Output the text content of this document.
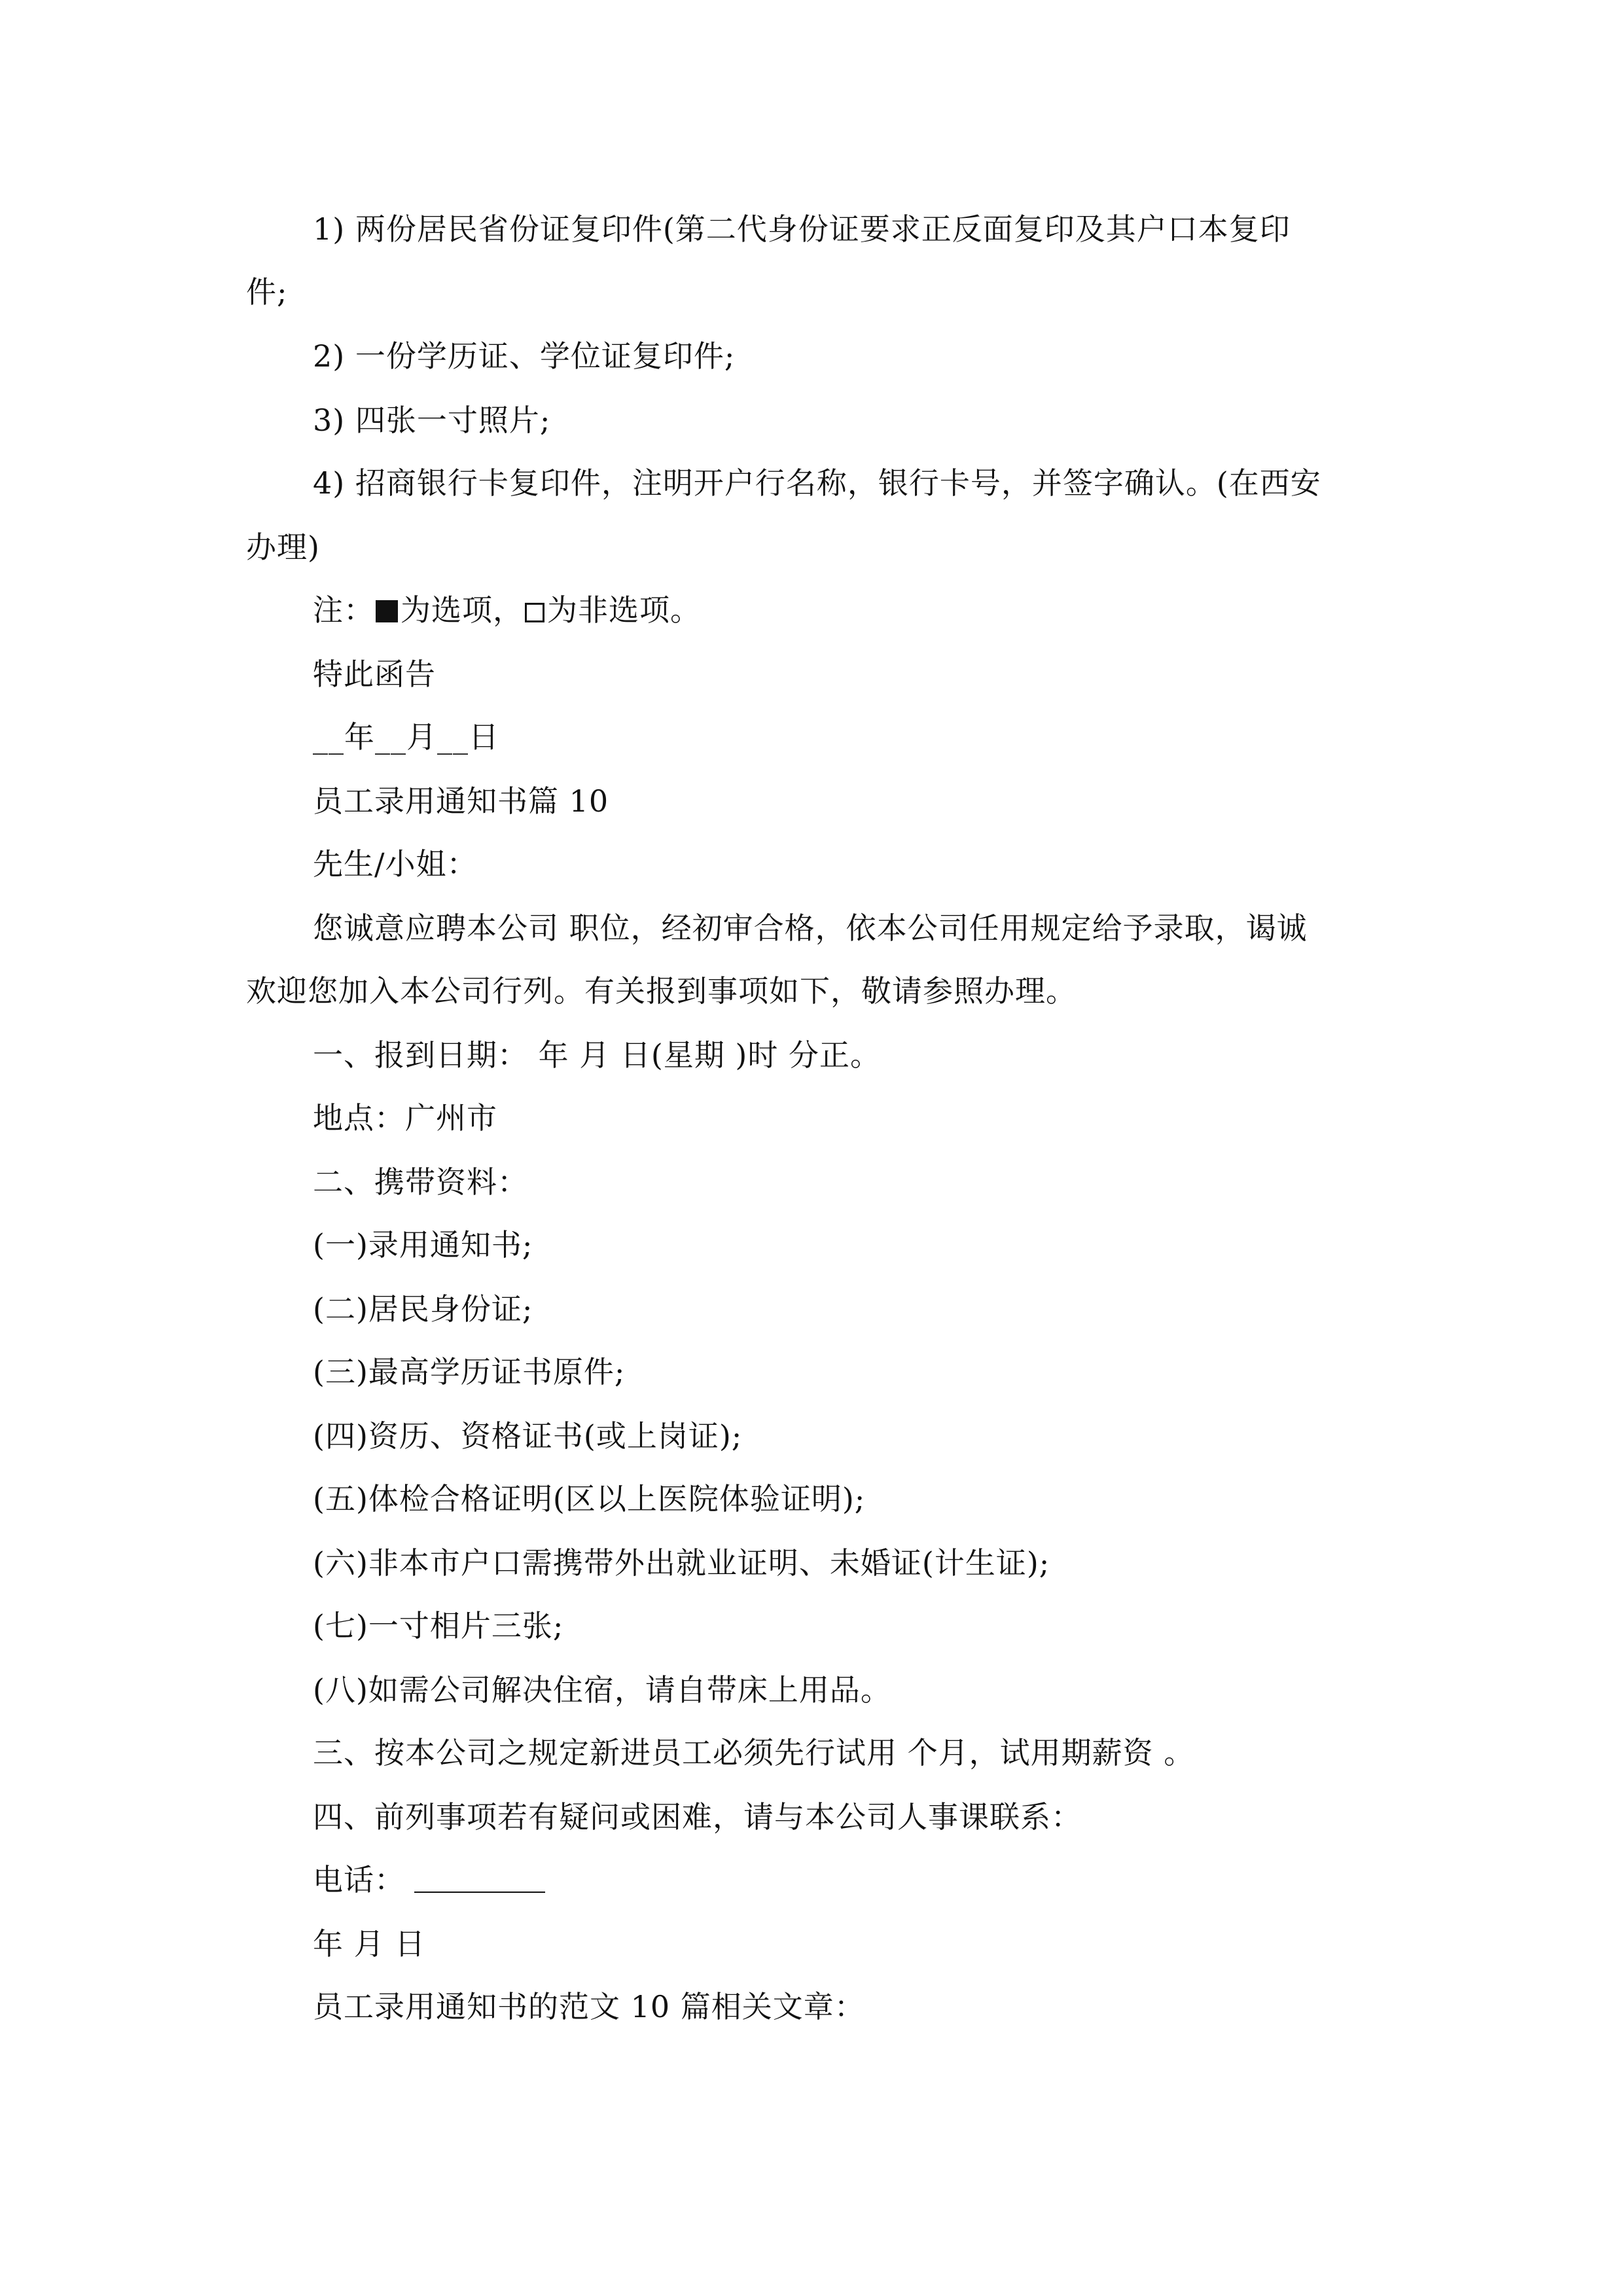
1) 两份居民省份证复印件(第二代身份证要求正反面复印及其户口本复印
件;
2) 一份学历证、学位证复印件;
3) 四张一寸照片;
4) 招商银行卡复印件，注明开户行名称，银行卡号，并签字确认。(在西安
办理)
注： 为选项， 为非选项。
特此函告
__年__月__日
员工录用通知书篇 10
先生/小姐：
您诚意应聘本公司 职位，经初审合格，依本公司任用规定给予录取，谒诚
欢迎您加入本公司行列。有关报到事项如下，敬请参照办理。
一、报到日期： 年 月 日(星期 )时 分正。
地点：广州市
二、携带资料：
(一)录用通知书;
(二)居民身份证;
(三)最高学历证书原件;
(四)资历、资格证书(或上岗证);
(五)体检合格证明(区以上医院体验证明);
(六)非本市户口需携带外出就业证明、未婚证(计生证);
(七)一寸相片三张;
(八)如需公司解决住宿，请自带床上用品。
三、按本公司之规定新进员工必须先行试用 个月，试用期薪资 。
四、前列事项若有疑问或困难，请与本公司人事课联系：
电话：
年 月 日
员工录用通知书的范文 10 篇相关文章：
